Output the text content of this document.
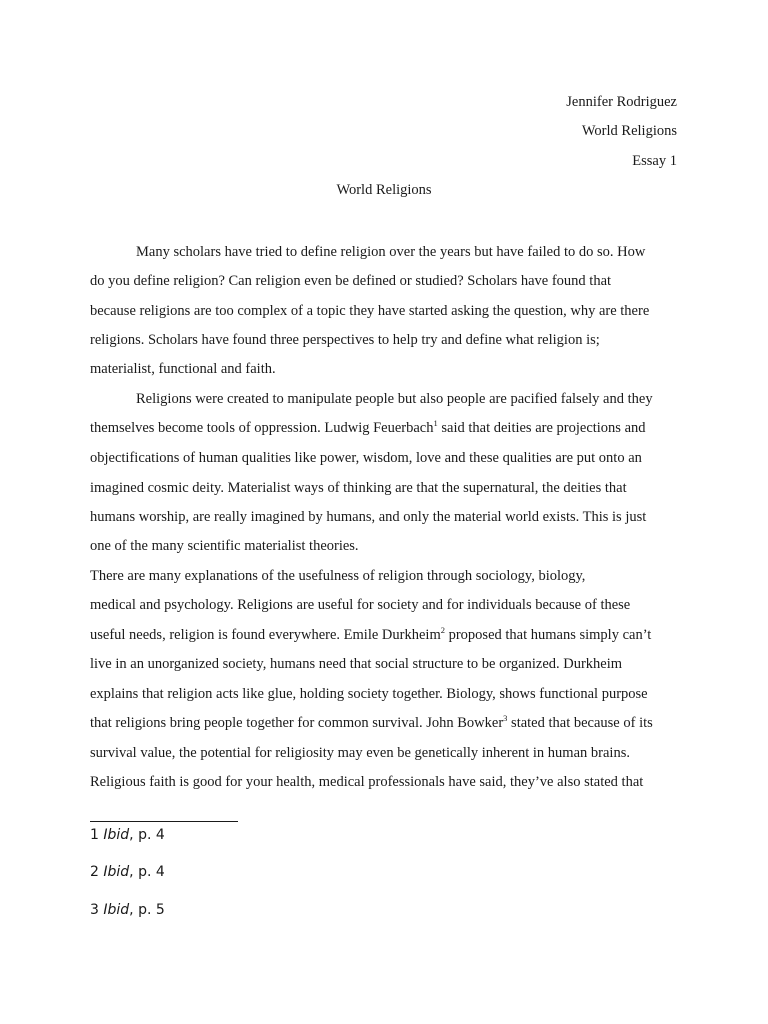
Jennifer Rodriguez
World Religions
Essay 1
World Religions
Many scholars have tried to define religion over the years but have failed to do so. How
do you define religion? Can religion even be defined or studied? Scholars have found that
because religions are too complex of a topic they have started asking the question, why are there
religions. Scholars have found three perspectives to help try and define what religion is;
materialist, functional and faith.
Religions were created to manipulate people but also people are pacified falsely and they
themselves become tools of oppression. Ludwig Feuerbach$^1$ said that deities are projections and
objectifications of human qualities like power, wisdom, love and these qualities are put onto an
imagined cosmic deity. Materialist ways of thinking are that the supernatural, the deities that
humans worship, are really imagined by humans, and only the material world exists. This is just
one of the many scientific materialist theories.
There are many explanations of the usefulness of religion through sociology, biology,
medical and psychology. Religions are useful for society and for individuals because of these
useful needs, religion is found everywhere. Emile Durkheim$^2$ proposed that humans simply can’t
live in an unorganized society, humans need that social structure to be organized. Durkheim
explains that religion acts like glue, holding society together. Biology, shows functional purpose
that religions bring people together for common survival. John Bowker$^3$ stated that because of its
survival value, the potential for religiosity may even be genetically inherent in human brains.
Religious faith is good for your health, medical professionals have said, they’ve also stated that
1 Ibid, p. 4
2 Ibid, p. 4
3 Ibid, p. 5
